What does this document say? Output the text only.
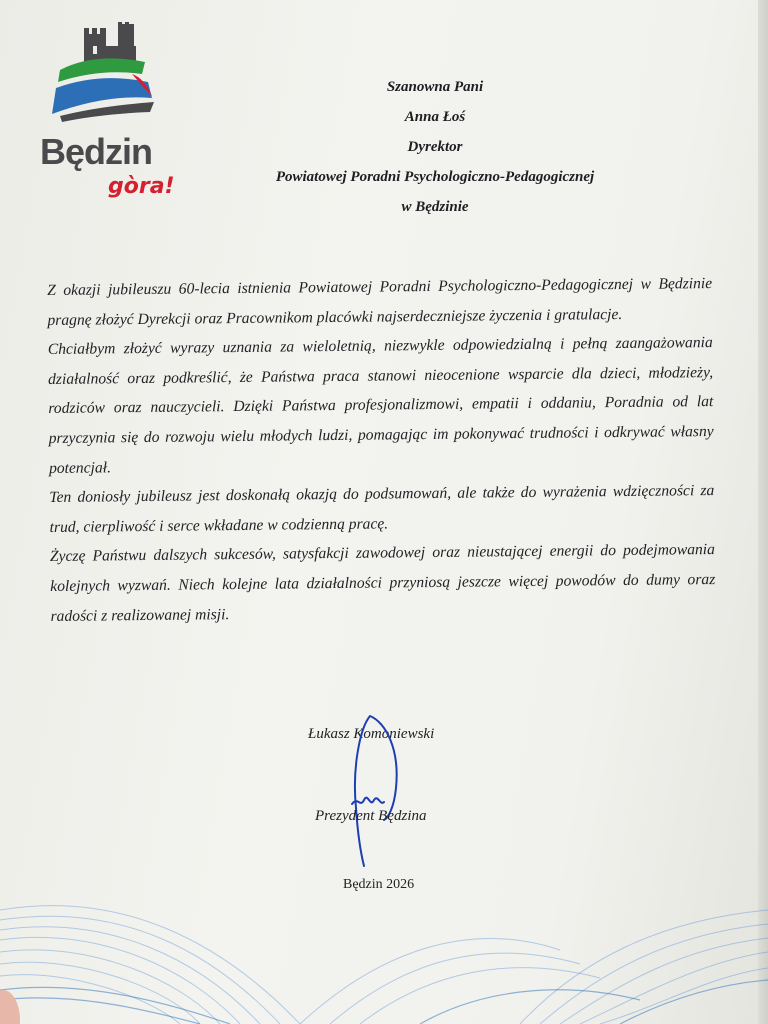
Będzin
gòra!
Szanowna Pani
Anna Łoś
Dyrektor
Powiatowej Poradni Psychologiczno-Pedagogicznej
w Będzinie

Z okazji jubileuszu 60-lecia istnienia Powiatowej Poradni Psychologiczno-Pedagogicznej w Będzinie pragnę złożyć Dyrekcji oraz Pracownikom placówki najserdeczniejsze życzenia i gratulacje.

Chciałbym złożyć wyrazy uznania za wieloletnią, niezwykle odpowiedzialną i pełną zaangażowania działalność oraz podkreślić, że Państwa praca stanowi nieocenione wsparcie dla dzieci, młodzieży, rodziców oraz nauczycieli. Dzięki Państwa profesjonalizmowi, empatii i oddaniu, Poradnia od lat przyczynia się do rozwoju wielu młodych ludzi, pomagając im pokonywać trudności i odkrywać własny potencjał.

Ten doniosły jubileusz jest doskonałą okazją do podsumowań, ale także do wyrażenia wdzięczności za trud, cierpliwość i serce wkładane w codzienną pracę.

Życzę Państwu dalszych sukcesów, satysfakcji zawodowej oraz nieustającej energii do podejmowania kolejnych wyzwań. Niech kolejne lata działalności przyniosą jeszcze więcej powodów do dumy oraz radości z realizowanej misji.

Łukasz Komoniewski
Prezydent Będzina
Będzin 2026
